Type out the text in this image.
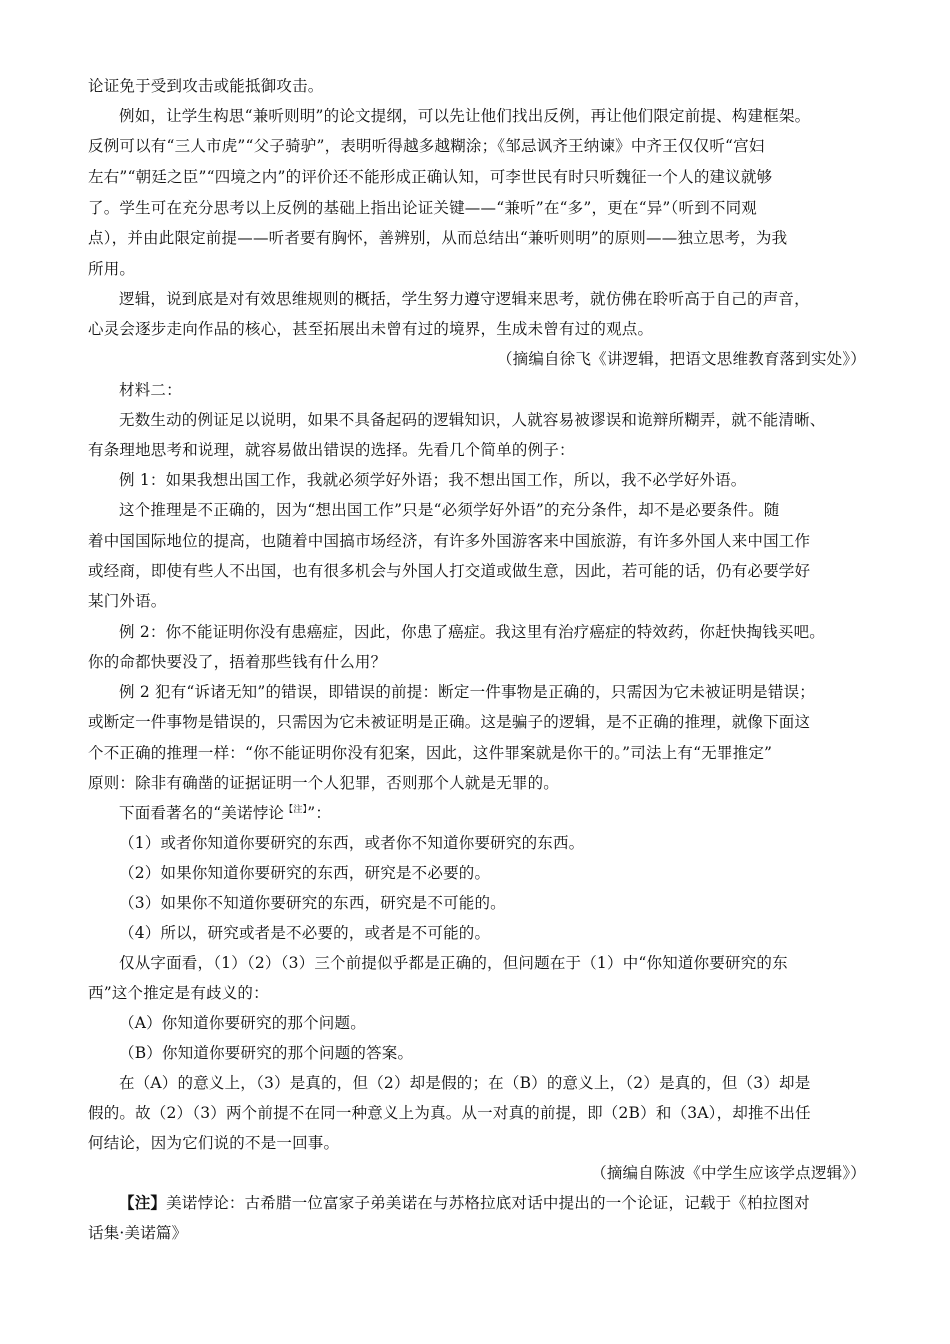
论证免于受到攻击或能抵御攻击。
例如，让学生构思“兼听则明”的论文提纲，可以先让他们找出反例，再让他们限定前提、构建框架。
反例可以有“三人市虎”“父子骑驴”，表明听得越多越糊涂；《邹忌讽齐王纳谏》中齐王仅仅听“宫妇
左右”“朝廷之臣”“四境之内”的评价还不能形成正确认知，可李世民有时只听魏征一个人的建议就够
了。学生可在充分思考以上反例的基础上指出论证关键——“兼听”在“多”，更在“异”（听到不同观
点），并由此限定前提——听者要有胸怀，善辨别，从而总结出“兼听则明”的原则——独立思考，为我
所用。
逻辑，说到底是对有效思维规则的概括，学生努力遵守逻辑来思考，就仿佛在聆听高于自己的声音，
心灵会逐步走向作品的核心，甚至拓展出未曾有过的境界，生成未曾有过的观点。
（摘编自徐飞《讲逻辑，把语文思维教育落到实处》）
材料二：
无数生动的例证足以说明，如果不具备起码的逻辑知识，人就容易被谬误和诡辩所糊弄，就不能清晰、
有条理地思考和说理，就容易做出错误的选择。先看几个简单的例子：
例 1：如果我想出国工作，我就必须学好外语；我不想出国工作，所以，我不必学好外语。
这个推理是不正确的，因为“想出国工作”只是“必须学好外语”的充分条件，却不是必要条件。随
着中国国际地位的提高，也随着中国搞市场经济，有许多外国游客来中国旅游，有许多外国人来中国工作
或经商，即使有些人不出国，也有很多机会与外国人打交道或做生意，因此，若可能的话，仍有必要学好
某门外语。
例 2：你不能证明你没有患癌症，因此，你患了癌症。我这里有治疗癌症的特效药，你赶快掏钱买吧。
你的命都快要没了，捂着那些钱有什么用？
例 2 犯有“诉诸无知”的错误，即错误的前提：断定一件事物是正确的，只需因为它未被证明是错误；
或断定一件事物是错误的，只需因为它未被证明是正确。这是骗子的逻辑，是不正确的推理，就像下面这
个不正确的推理一样：“你不能证明你没有犯案，因此，这件罪案就是你干的。”司法上有“无罪推定”
原则：除非有确凿的证据证明一个人犯罪，否则那个人就是无罪的。
下面看著名的“美诺悖论$^{【注】}$”：
（1）或者你知道你要研究的东西，或者你不知道你要研究的东西。
（2）如果你知道你要研究的东西，研究是不必要的。
（3）如果你不知道你要研究的东西，研究是不可能的。
（4）所以，研究或者是不必要的，或者是不可能的。
仅从字面看，（1）（2）（3）三个前提似乎都是正确的，但问题在于（1）中“你知道你要研究的东
西”这个推定是有歧义的：
（A）你知道你要研究的那个问题。
（B）你知道你要研究的那个问题的答案。
在（A）的意义上，（3）是真的，但（2）却是假的；在（B）的意义上，（2）是真的，但（3）却是
假的。故（2）（3）两个前提不在同一种意义上为真。从一对真的前提，即（2B）和（3A），却推不出任
何结论，因为它们说的不是一回事。
（摘编自陈波《中学生应该学点逻辑》）
【注】美诺悖论：古希腊一位富家子弟美诺在与苏格拉底对话中提出的一个论证，记载于《柏拉图对
话集·美诺篇》
